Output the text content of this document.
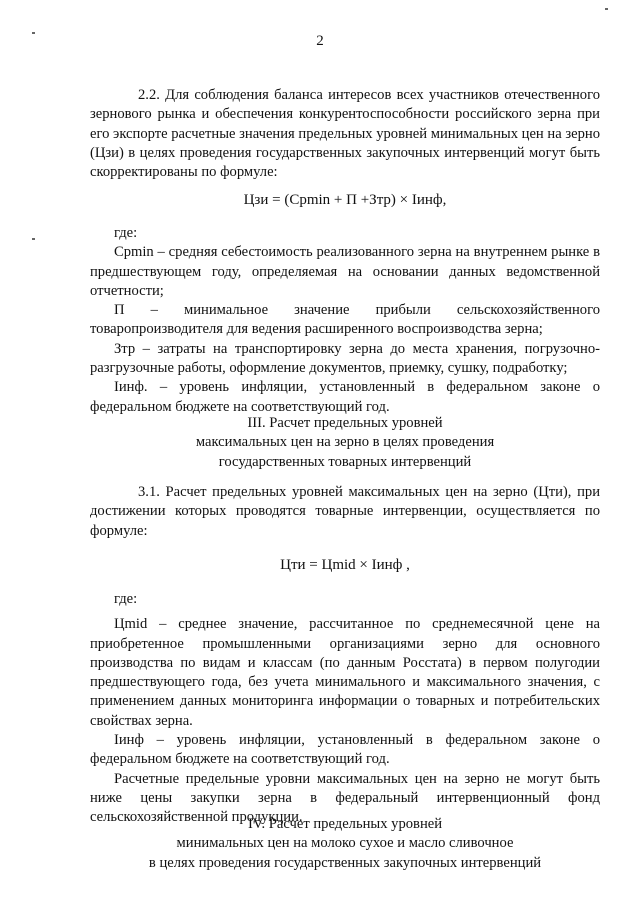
2

2.2. Для соблюдения баланса интересов всех участников отечественного зернового рынка и обеспечения конкурентоспособности российского зерна при его экспорте расчетные значения предельных уровней минимальных цен на зерно (Цзи) в целях проведения государственных закупочных интервенций могут быть скорректированы по формуле:

Цзи = (Срmin + П +Зтр) × Iинф,

где:

Cрmin – средняя себестоимость реализованного зерна на внутреннем рынке в предшествующем году, определяемая на основании данных ведомственной отчетности;

П – минимальное значение прибыли сельскохозяйственного товаропроизводителя для ведения расширенного воспроизводства зерна;

Зтр – затраты на транспортировку зерна до места хранения, погрузочно-разгрузочные работы, оформление документов, приемку, сушку, подработку;

Iинф. – уровень инфляции, установленный в федеральном законе о федеральном бюджете на соответствующий год.

III. Расчет предельных уровней

максимальных цен на зерно в целях проведения

государственных товарных интервенций

3.1. Расчет предельных уровней максимальных цен на зерно (Цти), при достижении которых проводятся товарные интервенции, осуществляется по формуле:

Цти = Цmid × Iинф ,

где:

Цmid – среднее значение, рассчитанное по среднемесячной цене на приобретенное промышленными организациями зерно для основного производства по видам и классам (по данным Росстата) в первом полугодии предшествующего года, без учета минимального и максимального значения, с применением данных мониторинга информации о товарных и потребительских свойствах зерна.

Iинф – уровень инфляции, установленный в федеральном законе о федеральном бюджете на соответствующий год.

Расчетные предельные уровни максимальных цен на зерно не могут быть ниже цены закупки зерна в федеральный интервенционный фонд сельскохозяйственной продукции.

IV. Расчет предельных уровней

минимальных цен на молоко сухое и масло сливочное

в целях проведения государственных закупочных интервенций
